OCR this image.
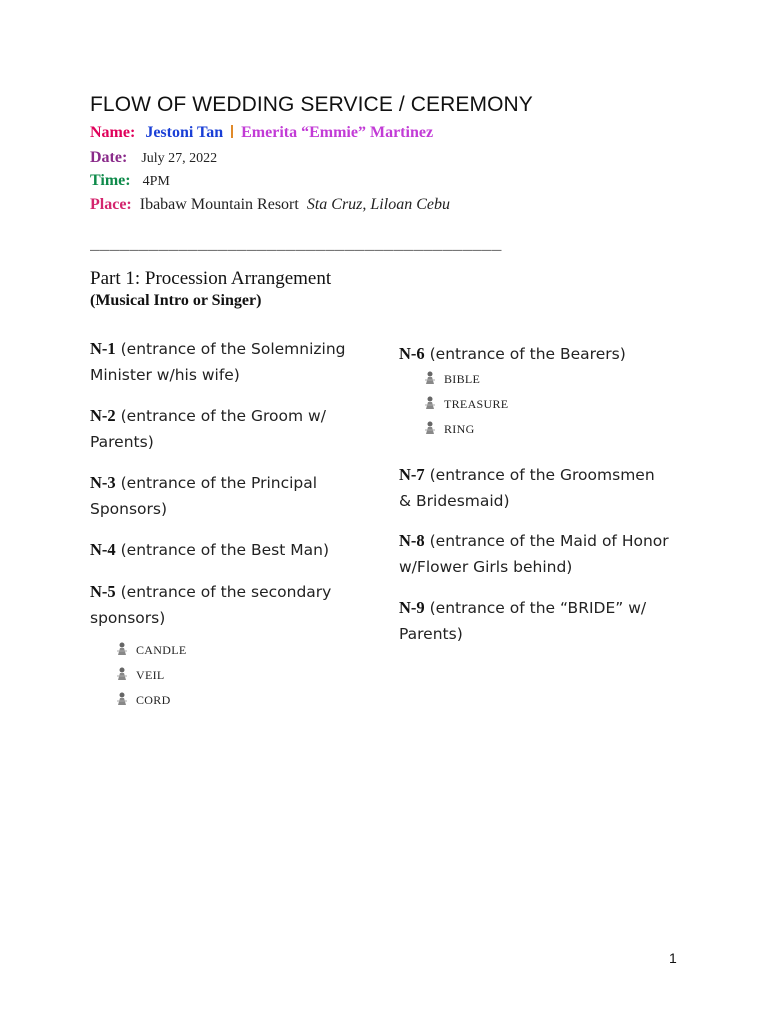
FLOW OF WEDDING SERVICE / CEREMONY
Name: Jestoni Tan Emerita “Emmie” Martinez
Date: July 27, 2022
Time: 4PM
Place: Ibabaw Mountain Resort Sta Cruz, Liloan Cebu
__________________________________________
Part 1: Procession Arrangement
(Musical Intro or Singer)
N-1 (entrance of the Solemnizing Minister w/his wife)
N-2 (entrance of the Groom w/ Parents)
N-3 (entrance of the Principal Sponsors)
N-4 (entrance of the Best Man)
N-5 (entrance of the secondary sponsors)
CANDLE
VEIL
CORD
N-6 (entrance of the Bearers)
BIBLE
TREASURE
RING
N-7 (entrance of the Groomsmen & Bridesmaid)
N-8 (entrance of the Maid of Honor w/Flower Girls behind)
N-9 (entrance of the “BRIDE” w/ Parents)
1
